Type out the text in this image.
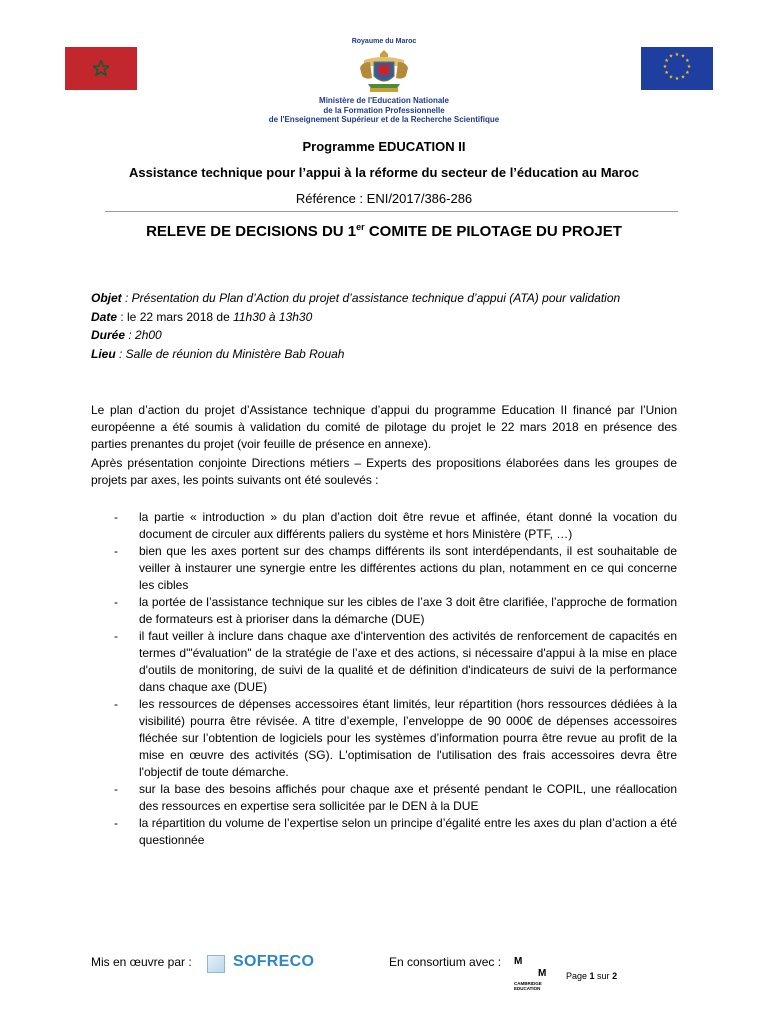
★ ★
★
★
★
★
★
★
★
★
★
★
Royaume du Maroc
Ministère de l'Education Nationale
de la Formation Professionnelle
de l'Enseignement Supérieur et de la Recherche Scientifique
Programme EDUCATION II
Assistance technique pour l’appui à la réforme du secteur de l’éducation au Maroc
Référence : ENI/2017/386-286
RELEVE DE DECISIONS DU 1er COMITE DE PILOTAGE DU PROJET
Objet : Présentation du Plan d’Action du projet d’assistance technique d’appui (ATA) pour validation
Date : le 22 mars 2018 de 11h30 à 13h30
Durée : 2h00
Lieu : Salle de réunion du Ministère Bab Rouah
Le plan d’action du projet d’Assistance technique d’appui du programme Education II financé par l’Union européenne a été soumis à validation du comité de pilotage du projet le 22 mars 2018 en présence des parties prenantes du projet (voir feuille de présence en annexe).
Après présentation conjointe Directions métiers – Experts des propositions élaborées dans les groupes de projets par axes, les points suivants ont été soulevés :
- la partie « introduction » du plan d’action doit être revue et affinée, étant donné la vocation du document de circuler aux différents paliers du système et hors Ministère (PTF, …)
- bien que les axes portent sur des champs différents ils sont interdépendants, il est souhaitable de veiller à instaurer une synergie entre les différentes actions du plan, notamment en ce qui concerne les cibles
- la portée de l’assistance technique sur les cibles de l’axe 3 doit être clarifiée, l’approche de formation de formateurs est à prioriser dans la démarche (DUE)
- il faut veiller à inclure dans chaque axe d'intervention des activités de renforcement de capacités en termes d'"évaluation" de la stratégie de l’axe et des actions, si nécessaire d'appui à la mise en place d'outils de monitoring, de suivi de la qualité et de définition d'indicateurs de suivi de la performance dans chaque axe (DUE)
- les ressources de dépenses accessoires étant limités, leur répartition (hors ressources dédiées à la visibilité) pourra être révisée. A titre d’exemple, l’enveloppe de 90 000€ de dépenses accessoires fléchée sur l’obtention de logiciels pour les systèmes d’information pourra être revue au profit de la mise en œuvre des activités (SG). L'optimisation de l'utilisation des frais accessoires devra être l'objectif de toute démarche.
- sur la base des besoins affichés pour chaque axe et présenté pendant le COPIL, une réallocation des ressources en expertise sera sollicitée par le DEN à la DUE
- la répartition du volume de l’expertise selon un principe d’égalité entre les axes du plan d’action a été questionnée
Mis en œuvre par :	SOFRECO	En consortium avec : M
M
CAMBRIDGE EDUCATION
Page 1 sur 2
